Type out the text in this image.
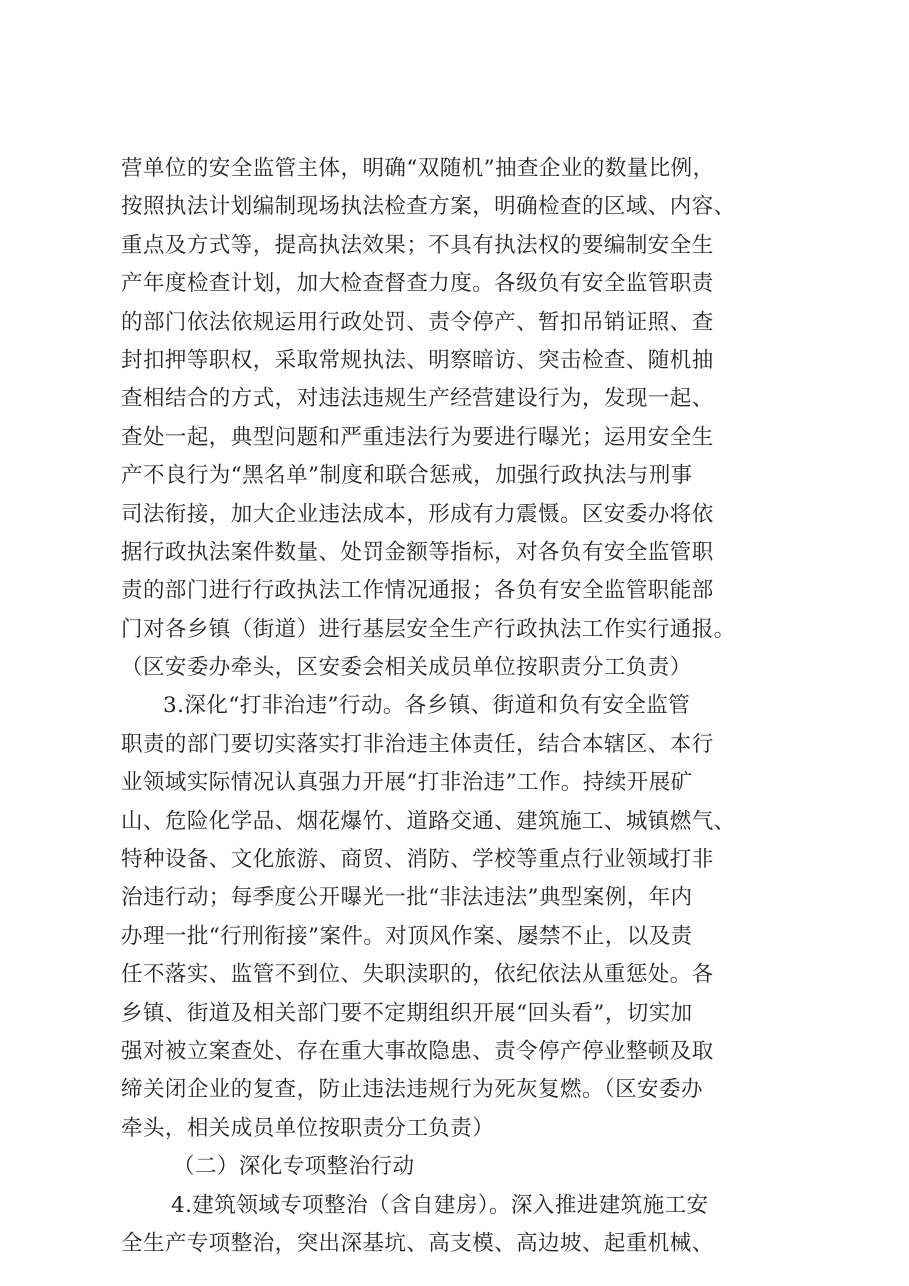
营单位的安全监管主体，明确“双随机”抽查企业的数量比例，
按照执法计划编制现场执法检查方案，明确检查的区域、内容、
重点及方式等，提高执法效果；不具有执法权的要编制安全生
产年度检查计划，加大检查督查力度。各级负有安全监管职责
的部门依法依规运用行政处罚、责令停产、暂扣吊销证照、查
封扣押等职权，采取常规执法、明察暗访、突击检查、随机抽
查相结合的方式，对违法违规生产经营建设行为，发现一起、
查处一起，典型问题和严重违法行为要进行曝光；运用安全生
产不良行为“黑名单”制度和联合惩戒，加强行政执法与刑事
司法衔接，加大企业违法成本，形成有力震慑。区安委办将依
据行政执法案件数量、处罚金额等指标，对各负有安全监管职
责的部门进行行政执法工作情况通报；各负有安全监管职能部
门对各乡镇（街道）进行基层安全生产行政执法工作实行通报。
（区安委办牵头，区安委会相关成员单位按职责分工负责）
3.深化“打非治违”行动。各乡镇、街道和负有安全监管
职责的部门要切实落实打非治违主体责任，结合本辖区、本行
业领域实际情况认真强力开展“打非治违”工作。持续开展矿
山、危险化学品、烟花爆竹、道路交通、建筑施工、城镇燃气、
特种设备、文化旅游、商贸、消防、学校等重点行业领域打非
治违行动；每季度公开曝光一批“非法违法”典型案例，年内
办理一批“行刑衔接”案件。对顶风作案、屡禁不止，以及责
任不落实、监管不到位、失职渎职的，依纪依法从重惩处。各
乡镇、街道及相关部门要不定期组织开展“回头看”，切实加
强对被立案查处、存在重大事故隐患、责令停产停业整顿及取
缔关闭企业的复查，防止违法违规行为死灰复燃。（区安委办
牵头，相关成员单位按职责分工负责）
（二）深化专项整治行动
4.建筑领域专项整治（含自建房）。深入推进建筑施工安
全生产专项整治，突出深基坑、高支模、高边坡、起重机械、
